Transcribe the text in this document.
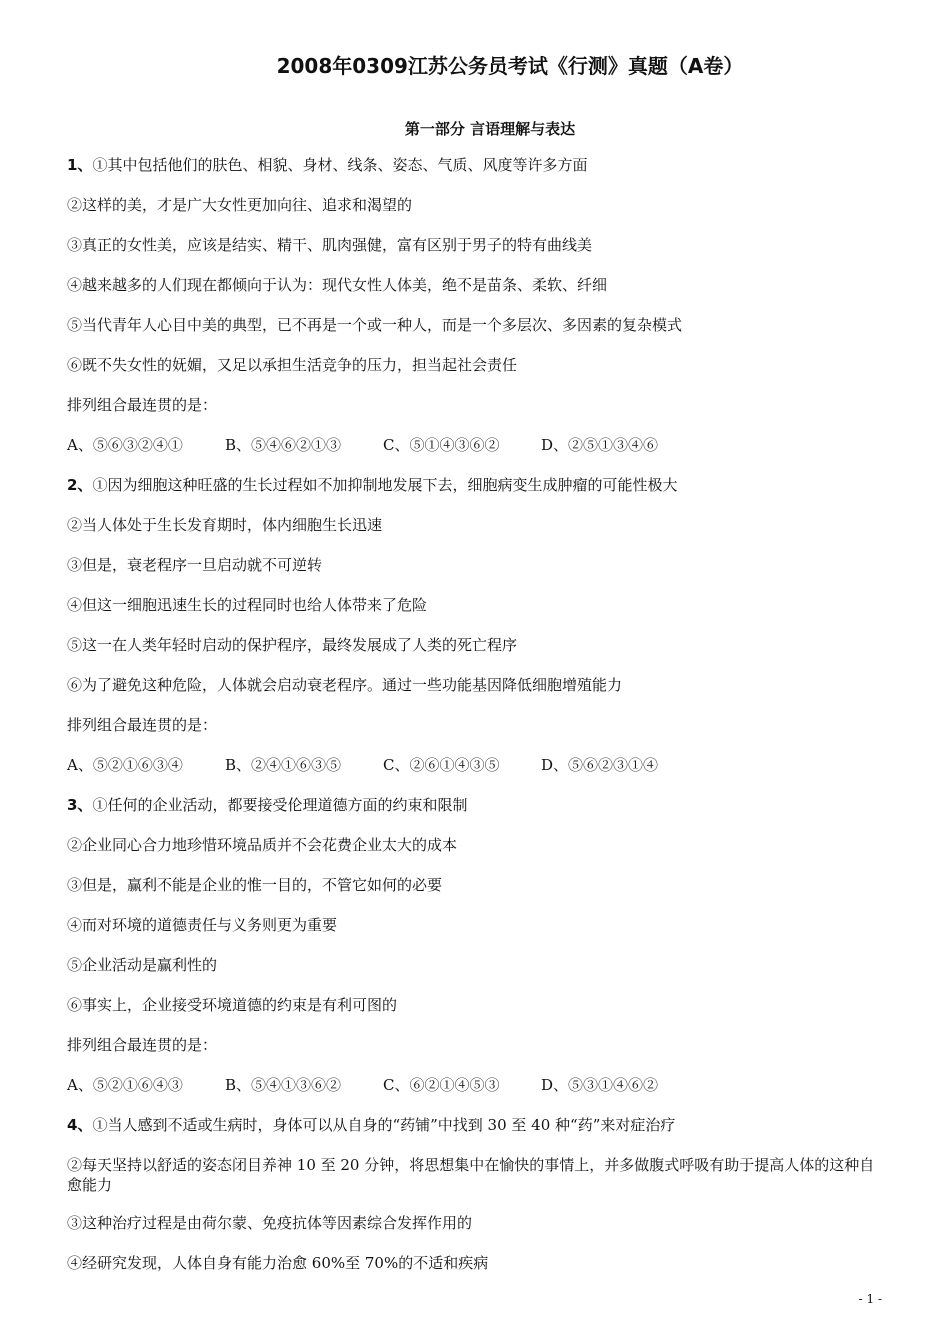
2008年0309江苏公务员考试《行测》真题（A卷）
第一部分 言语理解与表达
1、①其中包括他们的肤色、相貌、身材、线条、姿态、气质、风度等许多方面
②这样的美，才是广大女性更加向往、追求和渴望的
③真正的女性美，应该是结实、精干、肌肉强健，富有区别于男子的特有曲线美
④越来越多的人们现在都倾向于认为：现代女性人体美，绝不是苗条、柔软、纤细
⑤当代青年人心目中美的典型，已不再是一个或一种人，而是一个多层次、多因素的复杂模式
⑥既不失女性的妩媚，又足以承担生活竞争的压力，担当起社会责任
排列组合最连贯的是：
A、⑤⑥③②④①	B、⑤④⑥②①③	C、⑤①④③⑥②	D、②⑤①③④⑥
2、①因为细胞这种旺盛的生长过程如不加抑制地发展下去，细胞病变生成肿瘤的可能性极大
②当人体处于生长发育期时，体内细胞生长迅速
③但是，衰老程序一旦启动就不可逆转
④但这一细胞迅速生长的过程同时也给人体带来了危险
⑤这一在人类年轻时启动的保护程序，最终发展成了人类的死亡程序
⑥为了避免这种危险，人体就会启动衰老程序。通过一些功能基因降低细胞增殖能力
排列组合最连贯的是：
A、⑤②①⑥③④	B、②④①⑥③⑤	C、②⑥①④③⑤	D、⑤⑥②③①④
3、①任何的企业活动，都要接受伦理道德方面的约束和限制
②企业同心合力地珍惜环境品质并不会花费企业太大的成本
③但是，赢利不能是企业的惟一目的，不管它如何的必要
④而对环境的道德责任与义务则更为重要
⑤企业活动是赢利性的
⑥事实上，企业接受环境道德的约束是有利可图的
排列组合最连贯的是：
A、⑤②①⑥④③	B、⑤④①③⑥②	C、⑥②①④⑤③	D、⑤③①④⑥②
4、①当人感到不适或生病时，身体可以从自身的“药铺”中找到 30 至 40 种“药”来对症治疗
②每天坚持以舒适的姿态闭目养神 10 至 20 分钟，将思想集中在愉快的事情上，并多做腹式呼吸有助于提高人体的这种自愈能力
③这种治疗过程是由荷尔蒙、免疫抗体等因素综合发挥作用的
④经研究发现，人体自身有能力治愈 60%至 70%的不适和疾病
- 1 -
